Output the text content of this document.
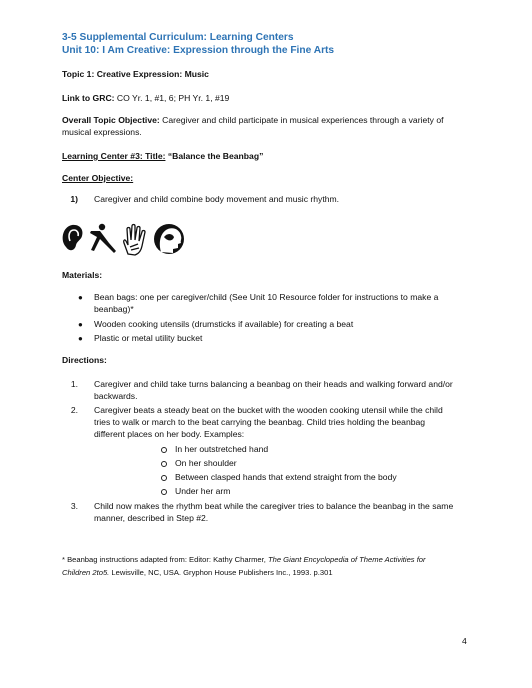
3-5 Supplemental Curriculum: Learning Centers
Unit 10: I Am Creative: Expression through the Fine Arts
Topic 1: Creative Expression: Music
Link to GRC: CO Yr. 1, #1, 6; PH Yr. 1, #19
Overall Topic Objective: Caregiver and child participate in musical experiences through a variety of
musical expressions.
Learning Center #3: Title: “Balance the Beanbag”
Center Objective:
1) Caregiver and child combine body movement and music rhythm.
Materials:
● Bean bags: one per caregiver/child (See Unit 10 Resource folder for instructions to make a
beanbag)*
● Wooden cooking utensils (drumsticks if available) for creating a beat
● Plastic or metal utility bucket
Directions:
1. Caregiver and child take turns balancing a beanbag on their heads and walking forward and/or
backwards.
2. Caregiver beats a steady beat on the bucket with the wooden cooking utensil while the child
tries to walk or march to the beat carrying the beanbag. Child tries holding the beanbag
different places on her body. Examples:
In her outstretched hand
On her shoulder
Between clasped hands that extend straight from the body
Under her arm
3. Child now makes the rhythm beat while the caregiver tries to balance the beanbag in the same
manner, described in Step #2.
* Beanbag instructions adapted from: Editor: Kathy Charmer, The Giant Encyclopedia of Theme Activities for
Children 2to5. Lewisville, NC, USA. Gryphon House Publishers Inc., 1993. p.301
4
